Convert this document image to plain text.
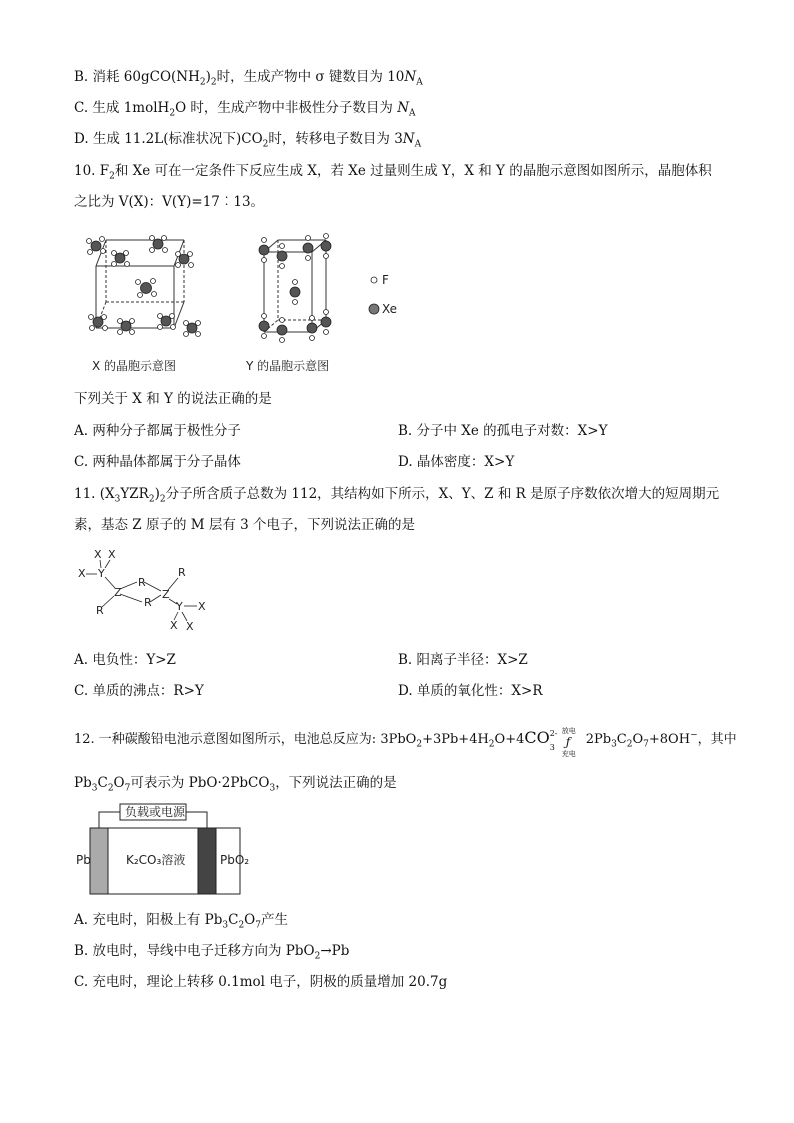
B. 消耗 $60gCO(NH_2)_2$时，生成产物中 σ 键数目为 $10N_A$
C. 生成 1molH$_2$O 时，生成产物中非极性分子数目为 $N_A$
D. 生成 11.2L(标准状况下)$CO_2$时，转移电子数目为 $3N_A$
10. $F_2$和 Xe 可在一定条件下反应生成 X，若 Xe 过量则生成 Y，X 和 Y 的晶胞示意图如图所示，晶胞体积
之比为 V(X)：V(Y)=17︰13。
X 的晶胞示意图	Y 的晶胞示意图
F
Xe
下列关于 X 和 Y 的说法正确的是
A. 两种分子都属于极性分子	B. 分子中 Xe 的孤电子对数：X>Y
C. 两种晶体都属于分子晶体	D. 晶体密度：X>Y
11. $(X_3YZR_2)_2$分子所含质子总数为 112，其结构如下所示，X、Y、Z 和 R 是原子序数依次增大的短周期元
素，基态 Z 原子的 M 层有 3 个电子，下列说法正确的是
X X
X Y
Z
R
R
Z
R
R	Y X
X X
A. 电负性：Y>Z	B. 阳离子半径：X>Z
C. 单质的沸点：R>Y	D. 单质的氧化性：X>R
12. 一种碳酸铅电池示意图如图所示，电池总反应为: $3PbO_2+3Pb+4H_2O+4CO$ 2-
3
放电
ƒ
充电
$2Pb_3C_2O_7+8OH^-$，其中
$Pb_3C_2O_7$可表示为 PbO·2PbCO$_3$，下列说法正确的是
负载或电源
Pb	K₂CO₃溶液	PbO₂
A. 充电时，阳极上有 $Pb_3C_2O_7$产生
B. 放电时，导线中电子迁移方向为 PbO$_2$→Pb
C. 充电时，理论上转移 0.1mol 电子，阴极的质量增加 20.7g
